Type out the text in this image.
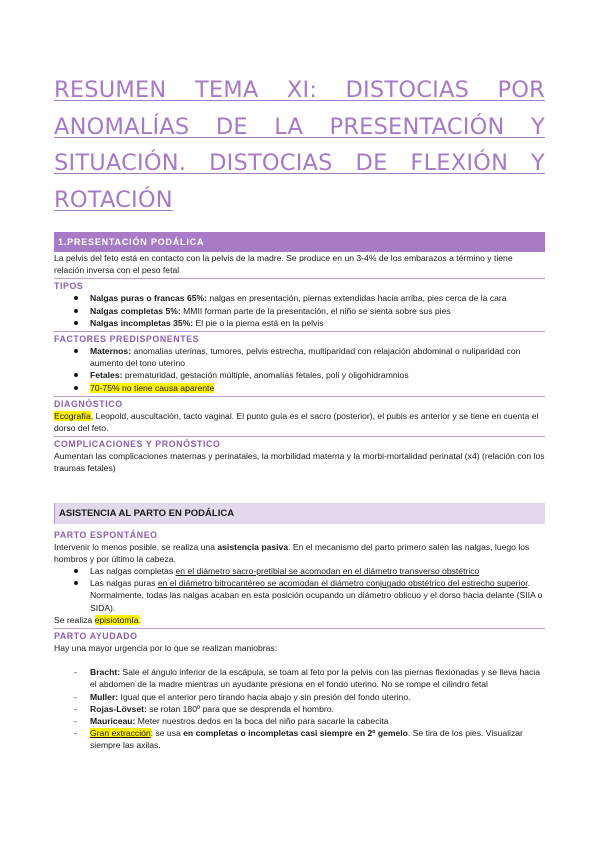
RESUMEN TEMA XI: DISTOCIAS POR ANOMALÍAS DE LA PRESENTACIÓN Y SITUACIÓN. DISTOCIAS DE FLEXIÓN Y ROTACIÓN
1.PRESENTACIÓN PODÁLICA

La pelvis del feto está en contacto con la pelvis de la madre. Se produce en un 3-4% de los embarazos a término y tiene relación inversa con el peso fetal

TIPOS
Nalgas puras o francas 65%: nalgas en presentación, piernas extendidas hacia arriba, pies cerca de la cara
Nalgas completas 5%: MMII forman parte de la presentación, el niño se sienta sobre sus pies
Nalgas incompletas 35%: El pie o la pierna está en la pelvis
FACTORES PREDISPONENTES
Maternos: anomalias uterinas, tumores, pelvis estrecha, multiparidad con relajación abdominal o nuliparidad con aumento del tono uterino
Fetales: prematuridad, gestación múltiple, anomalías fetales, poli y oligohidramnios
70-75% no tiene causa aparente
DIAGNÓSTICO

Ecografía, Leopold, auscultación, tacto vaginal. El punto guía es el sacro (posterior), el pubis es anterior y se tiene en cuenta el dorso del feto.

COMPLICACIONES Y PRONÓSTICO

Aumentan las complicaciones maternas y perinatales, la morbilidad materna y la morbi-mortalidad perinatal (x4) (relación con los traumas fetales)

ASISTENCIA AL PARTO EN PODÁLICA
PARTO ESPONTÁNEO

Intervenir lo menos posible, se realiza una asistencia pasiva. En el mecanismo del parto primero salen las nalgas, luego los hombros y por último la cabeza.

Las nalgas completas en el diámetro sacro-pretibial se acomodan en el diámetro transverso obstétrico
Las nalgas puras en el diámetro bitrocantéreo se acomodan el diámetro conjugado obstétrico del estrecho superior. Normalmente, todas las nalgas acaban en esta posición ocupando un diámetro oblicuo y el dorso hacia delante (SIIA o SIDA).

Se realiza episiotomía.

PARTO AYUDADO

Hay una mayor urgencia por lo que se realizan maniobras:

- Bracht: Sale el ángulo inferior de la escápula, se toam al feto por la pelvis con las piernas flexionadas y se lleva hacia el abdomen de la madre mientras un ayudante presiona en el fondo uterino. No se rompe el cilindro fetal
- Muller: Igual que el anterior pero tirando hacia abajo y sin presión del fondo uterino.
- Rojas-Lövset: se rotan 180º para que se desprenda el hombro.
- Mauriceau: Meter nuestros dedos en la boca del niño para sacarle la cabecita
- Gran extracción: se usa en completas o incompletas casi siempre en 2º gemelo. Se tira de los pies. Visualizar siempre las axilas.
